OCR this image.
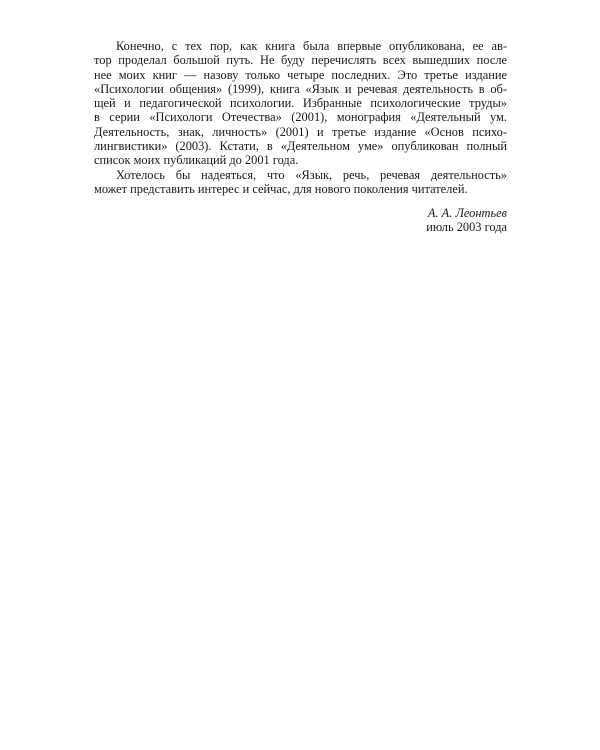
Конечно, с тех пор, как книга была впервые опубликована, ее ав-
тор проделал большой путь. Не буду перечислять всех вышедших после
нее моих книг — назову только четыре последних. Это третье издание
«Психологии общения» (1999), книга «Язык и речевая деятельность в об-
щей и педагогической психологии. Избранные психологические труды»
в серии «Психологи Отечества» (2001), монография «Деятельный ум.
Деятельность, знак, личность» (2001) и третье издание «Основ психо-
лингвистики» (2003). Кстати, в «Деятельном уме» опубликован полный
список моих публикаций до 2001 года.
Хотелось бы надеяться, что «Язык, речь, речевая деятельность»
может представить интерес и сейчас, для нового поколения читателей.
А. А. Леонтьев
июль 2003 года
